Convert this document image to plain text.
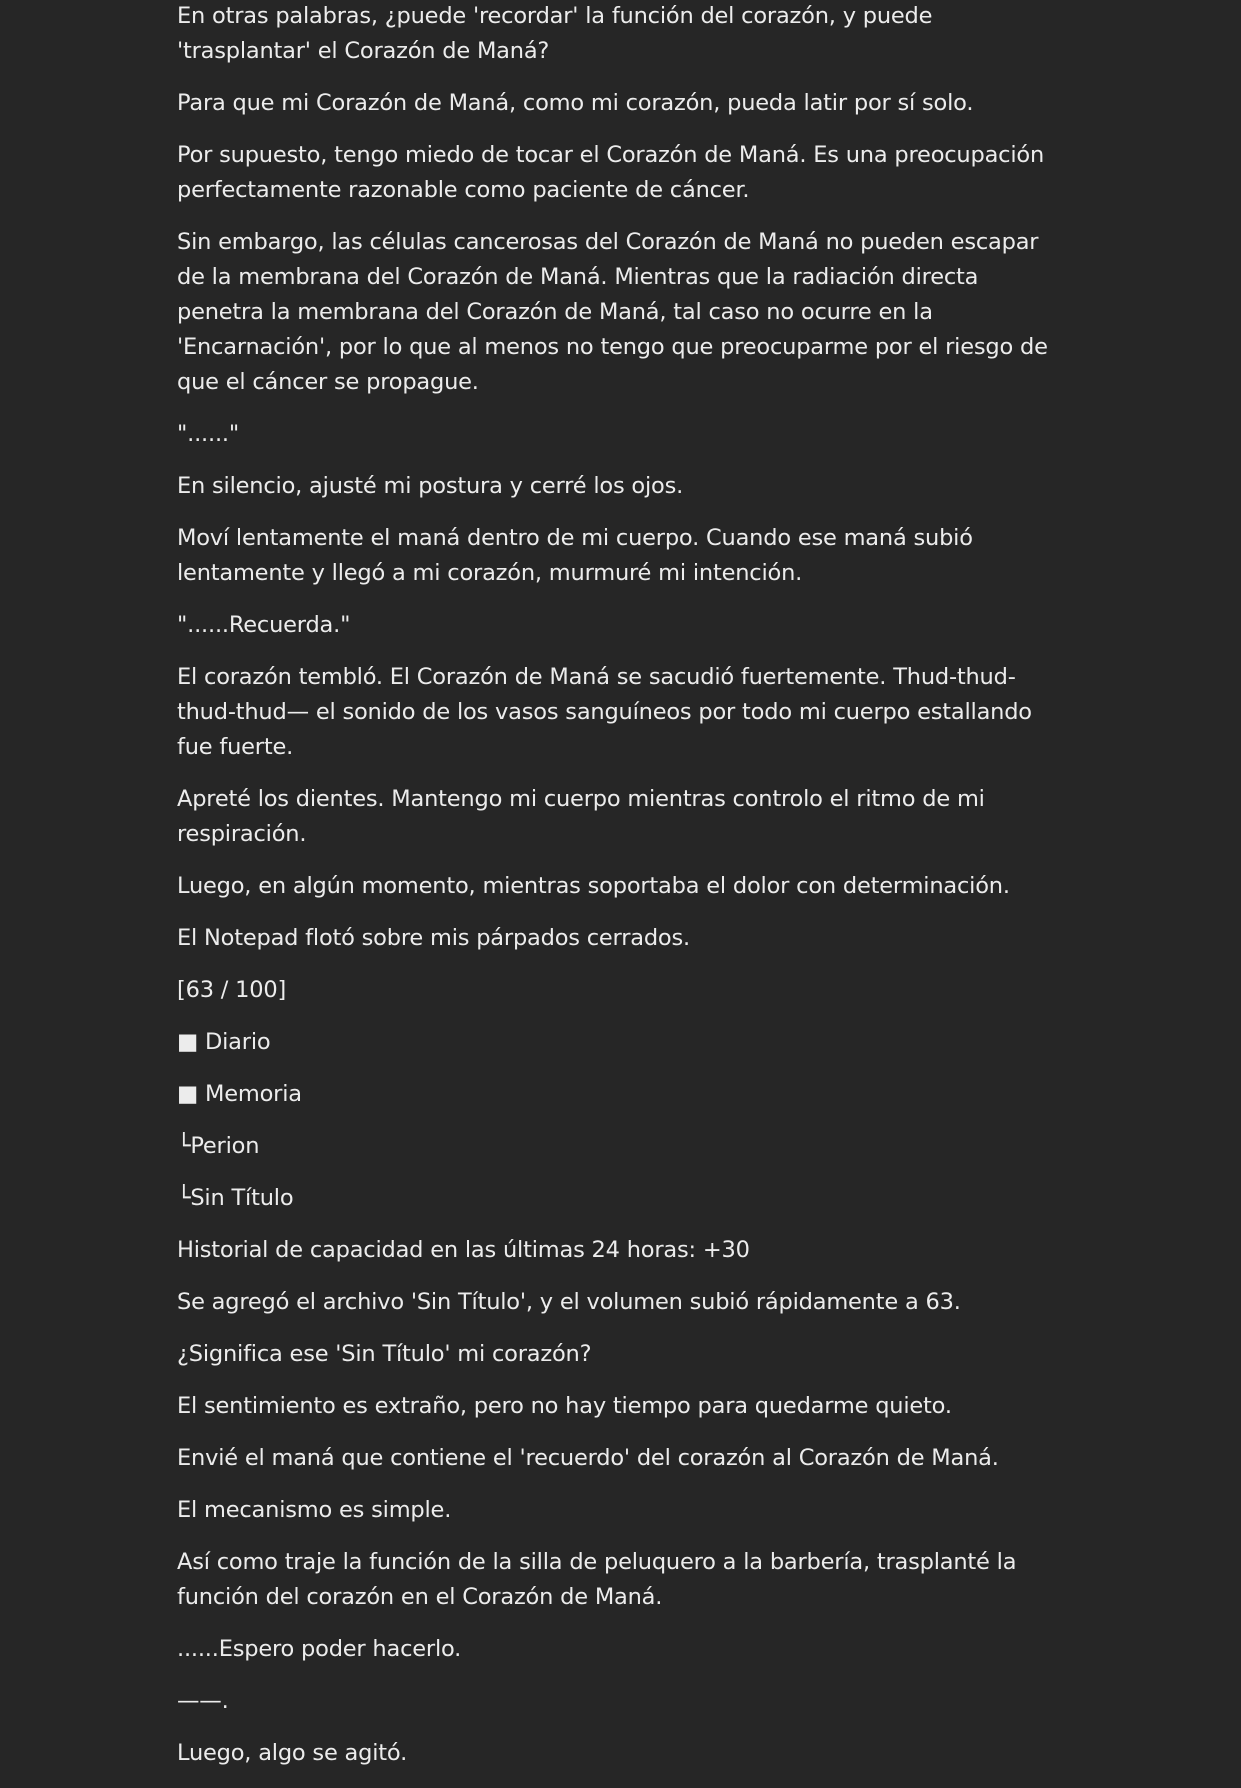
En otras palabras, ¿puede 'recordar' la función del corazón, y puede 'trasplantar' el Corazón de Maná?

Para que mi Corazón de Maná, como mi corazón, pueda latir por sí solo.

Por supuesto, tengo miedo de tocar el Corazón de Maná. Es una preocupación perfectamente razonable como paciente de cáncer.

Sin embargo, las células cancerosas del Corazón de Maná no pueden escapar de la membrana del Corazón de Maná. Mientras que la radiación directa penetra la membrana del Corazón de Maná, tal caso no ocurre en la 'Encarnación', por lo que al menos no tengo que preocuparme por el riesgo de que el cáncer se propague.

"......"

En silencio, ajusté mi postura y cerré los ojos.

Moví lentamente el maná dentro de mi cuerpo. Cuando ese maná subió lentamente y llegó a mi corazón, murmuré mi intención.

"......Recuerda."

El corazón tembló. El Corazón de Maná se sacudió fuertemente. Thud-thud-thud-thud— el sonido de los vasos sanguíneos por todo mi cuerpo estallando fue fuerte.

Apreté los dientes. Mantengo mi cuerpo mientras controlo el ritmo de mi respiración.

Luego, en algún momento, mientras soportaba el dolor con determinación.

El Notepad flotó sobre mis párpados cerrados.

[63 / 100]

■ Diario

■ Memoria

└Perion

└Sin Título

Historial de capacidad en las últimas 24 horas: +30

Se agregó el archivo 'Sin Título', y el volumen subió rápidamente a 63.

¿Significa ese 'Sin Título' mi corazón?

El sentimiento es extraño, pero no hay tiempo para quedarme quieto.

Envié el maná que contiene el 'recuerdo' del corazón al Corazón de Maná.

El mecanismo es simple.

Así como traje la función de la silla de peluquero a la barbería, trasplanté la función del corazón en el Corazón de Maná.

......Espero poder hacerlo.

——.

Luego, algo se agitó.
